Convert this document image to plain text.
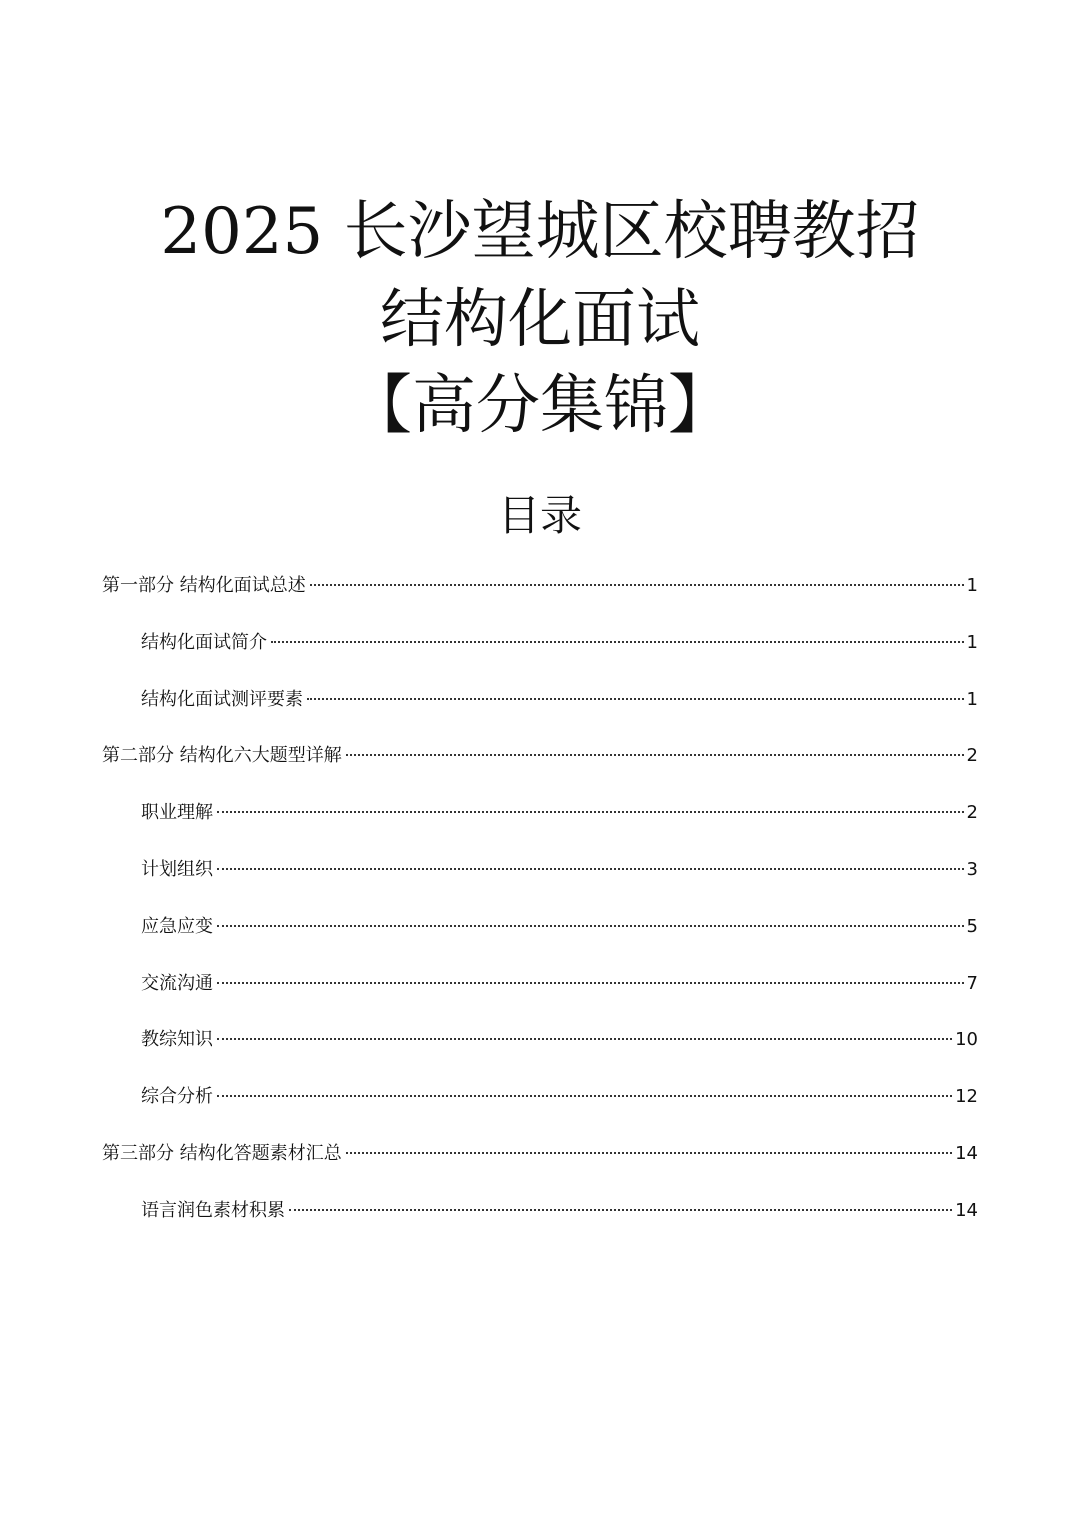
2025 长沙望城区校聘教招
结构化面试
【高分集锦】
目录
第一部分 结构化面试总述	1
结构化面试简介	1
结构化面试测评要素	1
第二部分 结构化六大题型详解	2
职业理解	2
计划组织	3
应急应变	5
交流沟通	7
教综知识	10
综合分析	12
第三部分 结构化答题素材汇总	14
语言润色素材积累	14
